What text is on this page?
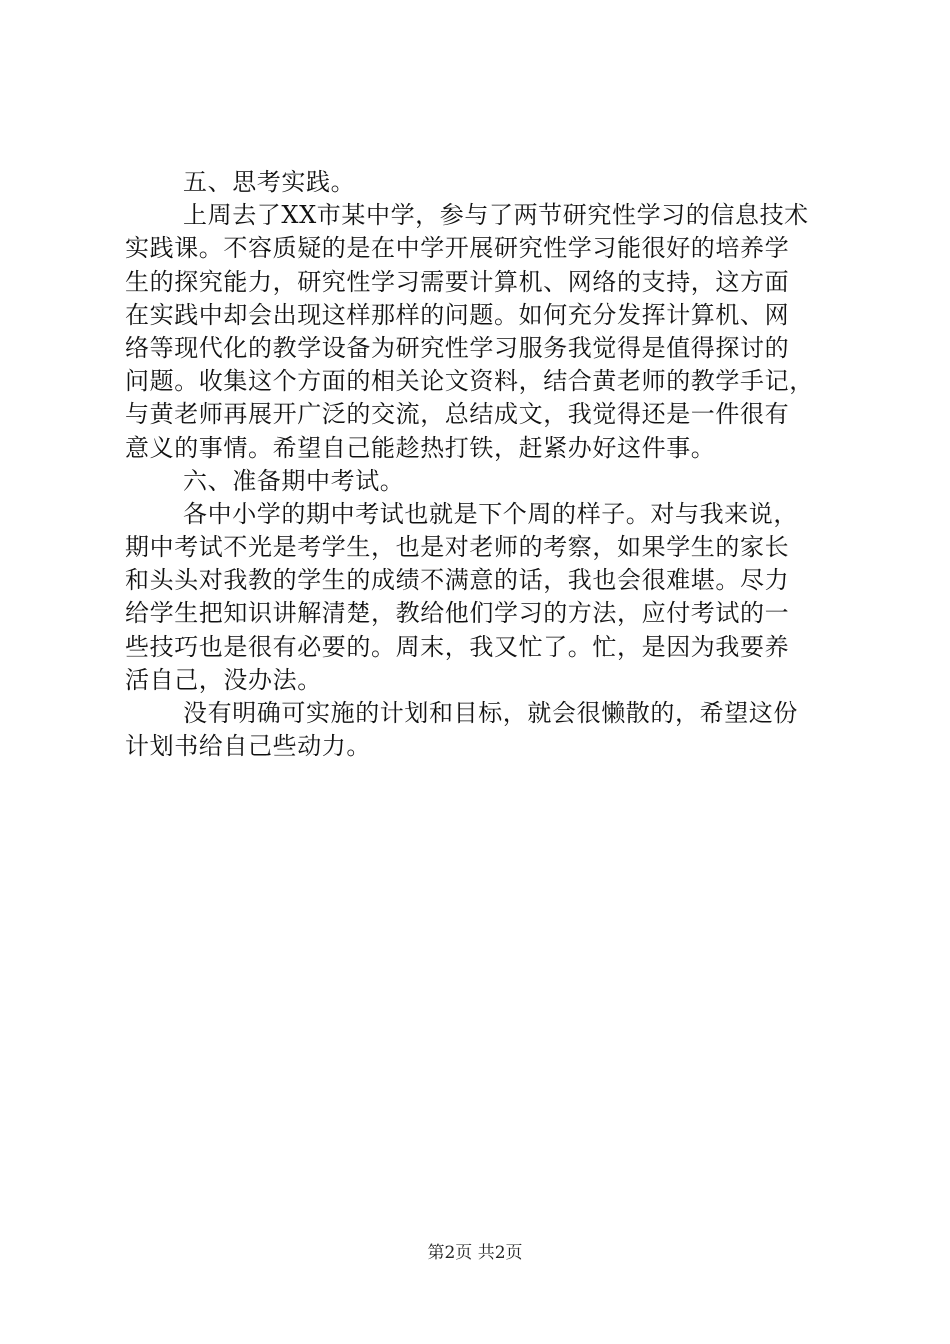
五、思考实践。
上周去了XX市某中学，参与了两节研究性学习的信息技术
实践课。不容质疑的是在中学开展研究性学习能很好的培养学
生的探究能力，研究性学习需要计算机、网络的支持，这方面
在实践中却会出现这样那样的问题。如何充分发挥计算机、网
络等现代化的教学设备为研究性学习服务我觉得是值得探讨的
问题。收集这个方面的相关论文资料，结合黄老师的教学手记，
与黄老师再展开广泛的交流，总结成文，我觉得还是一件很有
意义的事情。希望自己能趁热打铁，赶紧办好这件事。
六、准备期中考试。
各中小学的期中考试也就是下个周的样子。对与我来说，
期中考试不光是考学生，也是对老师的考察，如果学生的家长
和头头对我教的学生的成绩不满意的话，我也会很难堪。尽力
给学生把知识讲解清楚，教给他们学习的方法，应付考试的一
些技巧也是很有必要的。周末，我又忙了。忙，是因为我要养
活自己，没办法。
没有明确可实施的计划和目标，就会很懒散的，希望这份
计划书给自己些动力。
第2页 共2页
